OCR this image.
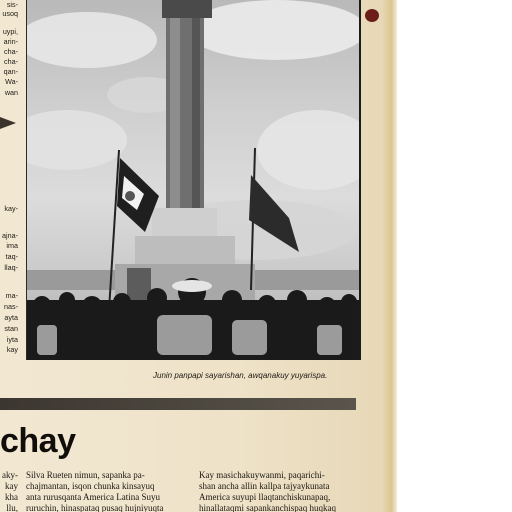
sis-
usoq
uypi,
arin-
cha-
cha-
qan-
Wa-
wan
kay-
ajna-
ima
taq-
llaq-
ma-
nas-
ayta
stan
iyta
kay
Junin panpapi sayarishan, awqanakuy yuyarispa.
chay
aky-
kay
kha
llu,
Silva Rueten nimun, sapanka pa-
chajmantan, isqon chunka kinsayuq
anta rurusqanta America Latina Suyu
ruruchin, hinaspataq pusaq hujniyuqta
Kay masichakuywanmi, paqarichi-
shan ancha allin kallpa tajyaykunata
America suyupi llaqtanchiskunapaq,
hinallataqmi sapankanchispaq huqkaq
